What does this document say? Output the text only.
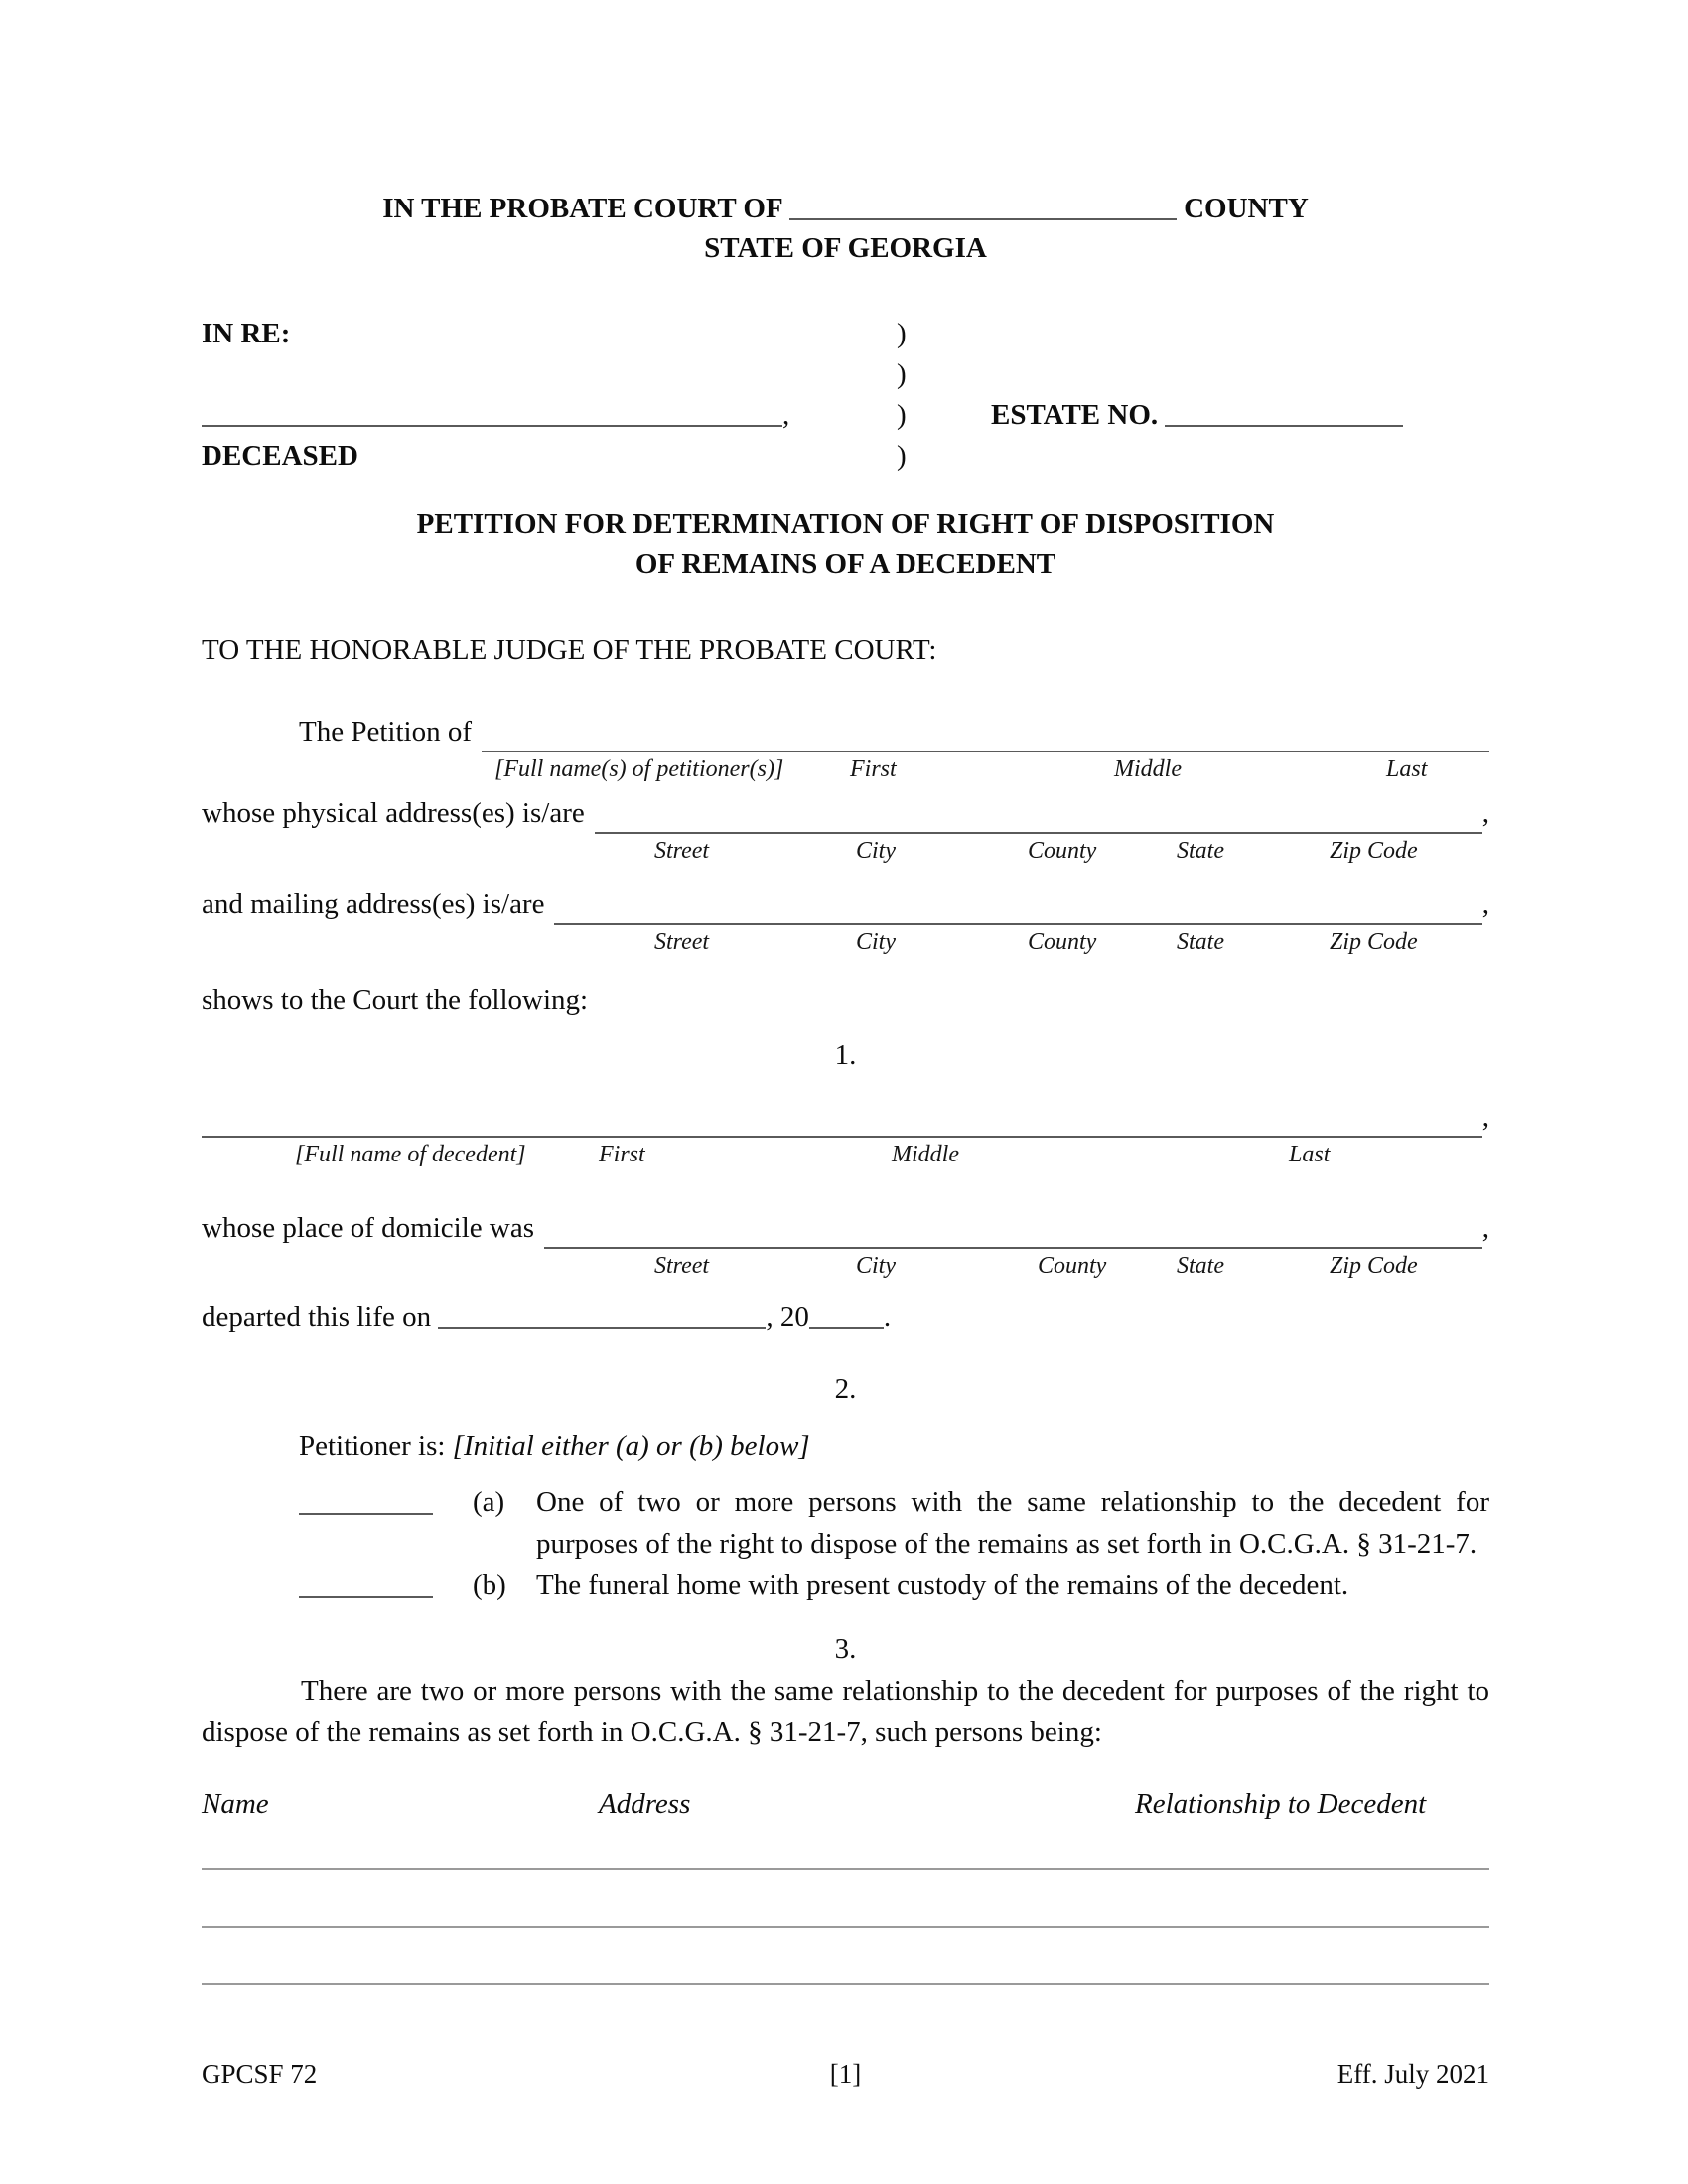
IN THE PROBATE COURT OF	COUNTY
STATE OF GEORGIA
IN RE:	)
)
,	)	ESTATE NO.
DECEASED	)
PETITION FOR DETERMINATION OF RIGHT OF DISPOSITION
OF REMAINS OF A DECEDENT
TO THE HONORABLE JUDGE OF THE PROBATE COURT:
The Petition of
[Full name(s) of petitioner(s)]	First	Middle	Last
whose physical address(es) is/are	,
Street	City	County	State	Zip Code
and mailing address(es) is/are	,
Street	City	County	State	Zip Code
shows to the Court the following:
1.
,
[Full name of decedent]	First	Middle	Last
whose place of domicile was	,
Street	City	County	State	Zip Code
departed this life on	, 20	.
2.
Petitioner is: [Initial either (a) or (b) below]
(a)	One of two or more persons with the same relationship to the decedent for purposes of the right to dispose of the remains as set forth in O.C.G.A. § 31-21-7.
(b)	The funeral home with present custody of the remains of the decedent.
3.
There are two or more persons with the same relationship to the decedent for purposes of the right to dispose of the remains as set forth in O.C.G.A. § 31-21-7, such persons being:
Name	Address	Relationship to Decedent
GPCSF 72	[1]	Eff. July 2021
